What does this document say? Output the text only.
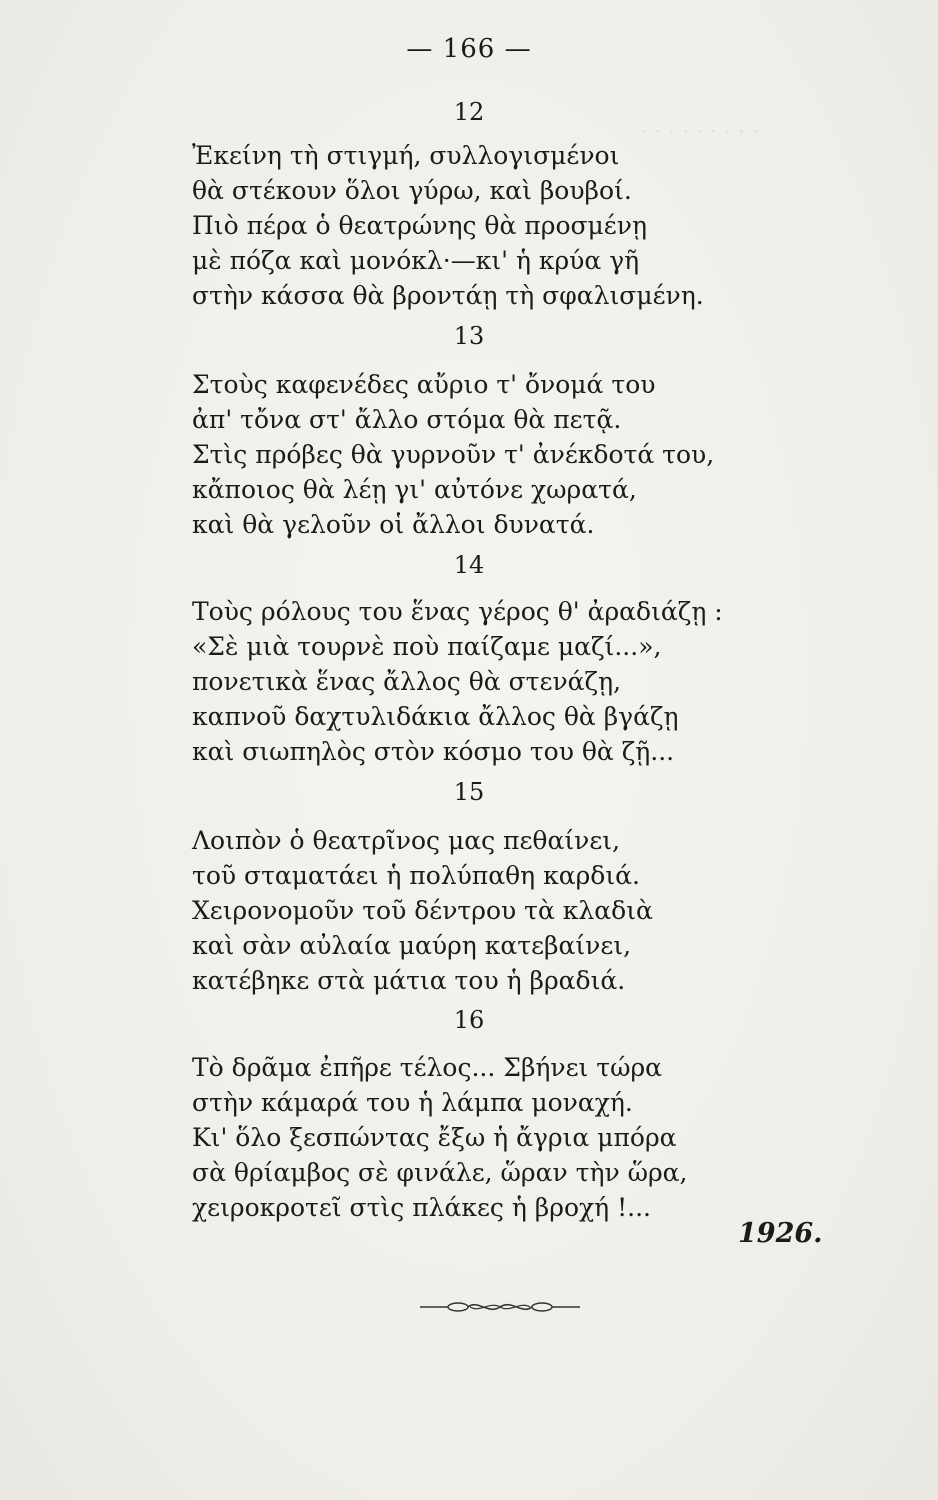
· · · · · · · · ·
— 166 —
12
Ἐκείνη τὴ στιγμή, συλλογισμένοι
θὰ στέκουν ὅλοι γύρω, καὶ βουβοί.
Πιὸ πέρα ὁ θεατρώνης θὰ προσμένῃ
μὲ πόζα καὶ μονόκλ·—κι' ἡ κρύα γῆ
στὴν κάσσα θὰ βροντάῃ τὴ σφαλισμένη.
13
Στοὺς καφενέδες αὔριο τ' ὄνομά του
ἀπ' τὄνα στ' ἄλλο στόμα θὰ πετᾷ.
Στὶς πρόβες θὰ γυρνοῦν τ' ἀνέκδοτά του,
κἄποιος θὰ λέῃ γι' αὐτόνε χωρατά,
καὶ θὰ γελοῦν οἱ ἄλλοι δυνατά.
14
Τοὺς ρόλους του ἕνας γέρος θ' ἀραδιάζῃ :
«Σὲ μιὰ τουρνὲ ποὺ παίζαμε μαζί...»,
πονετικὰ ἕνας ἄλλος θὰ στενάζῃ,
καπνοῦ δαχτυλιδάκια ἄλλος θὰ βγάζῃ
καὶ σιωπηλὸς στὸν κόσμο του θὰ ζῇ...
15
Λοιπὸν ὁ θεατρῖνος μας πεθαίνει,
τοῦ σταματάει ἡ πολύπαθη καρδιά.
Χειρονομοῦν τοῦ δέντρου τὰ κλαδιὰ
καὶ σὰν αὐλαία μαύρη κατεβαίνει,
κατέβηκε στὰ μάτια του ἡ βραδιά.
16
Τὸ δρᾶμα ἐπῆρε τέλος... Σβήνει τώρα
στὴν κάμαρά του ἡ λάμπα μοναχή.
Κι' ὅλο ξεσπώντας ἔξω ἡ ἄγρια μπόρα
σὰ θρίαμβος σὲ φινάλε, ὥραν τὴν ὥρα,
χειροκροτεῖ στὶς πλάκες ἡ βροχή !...
1926.
